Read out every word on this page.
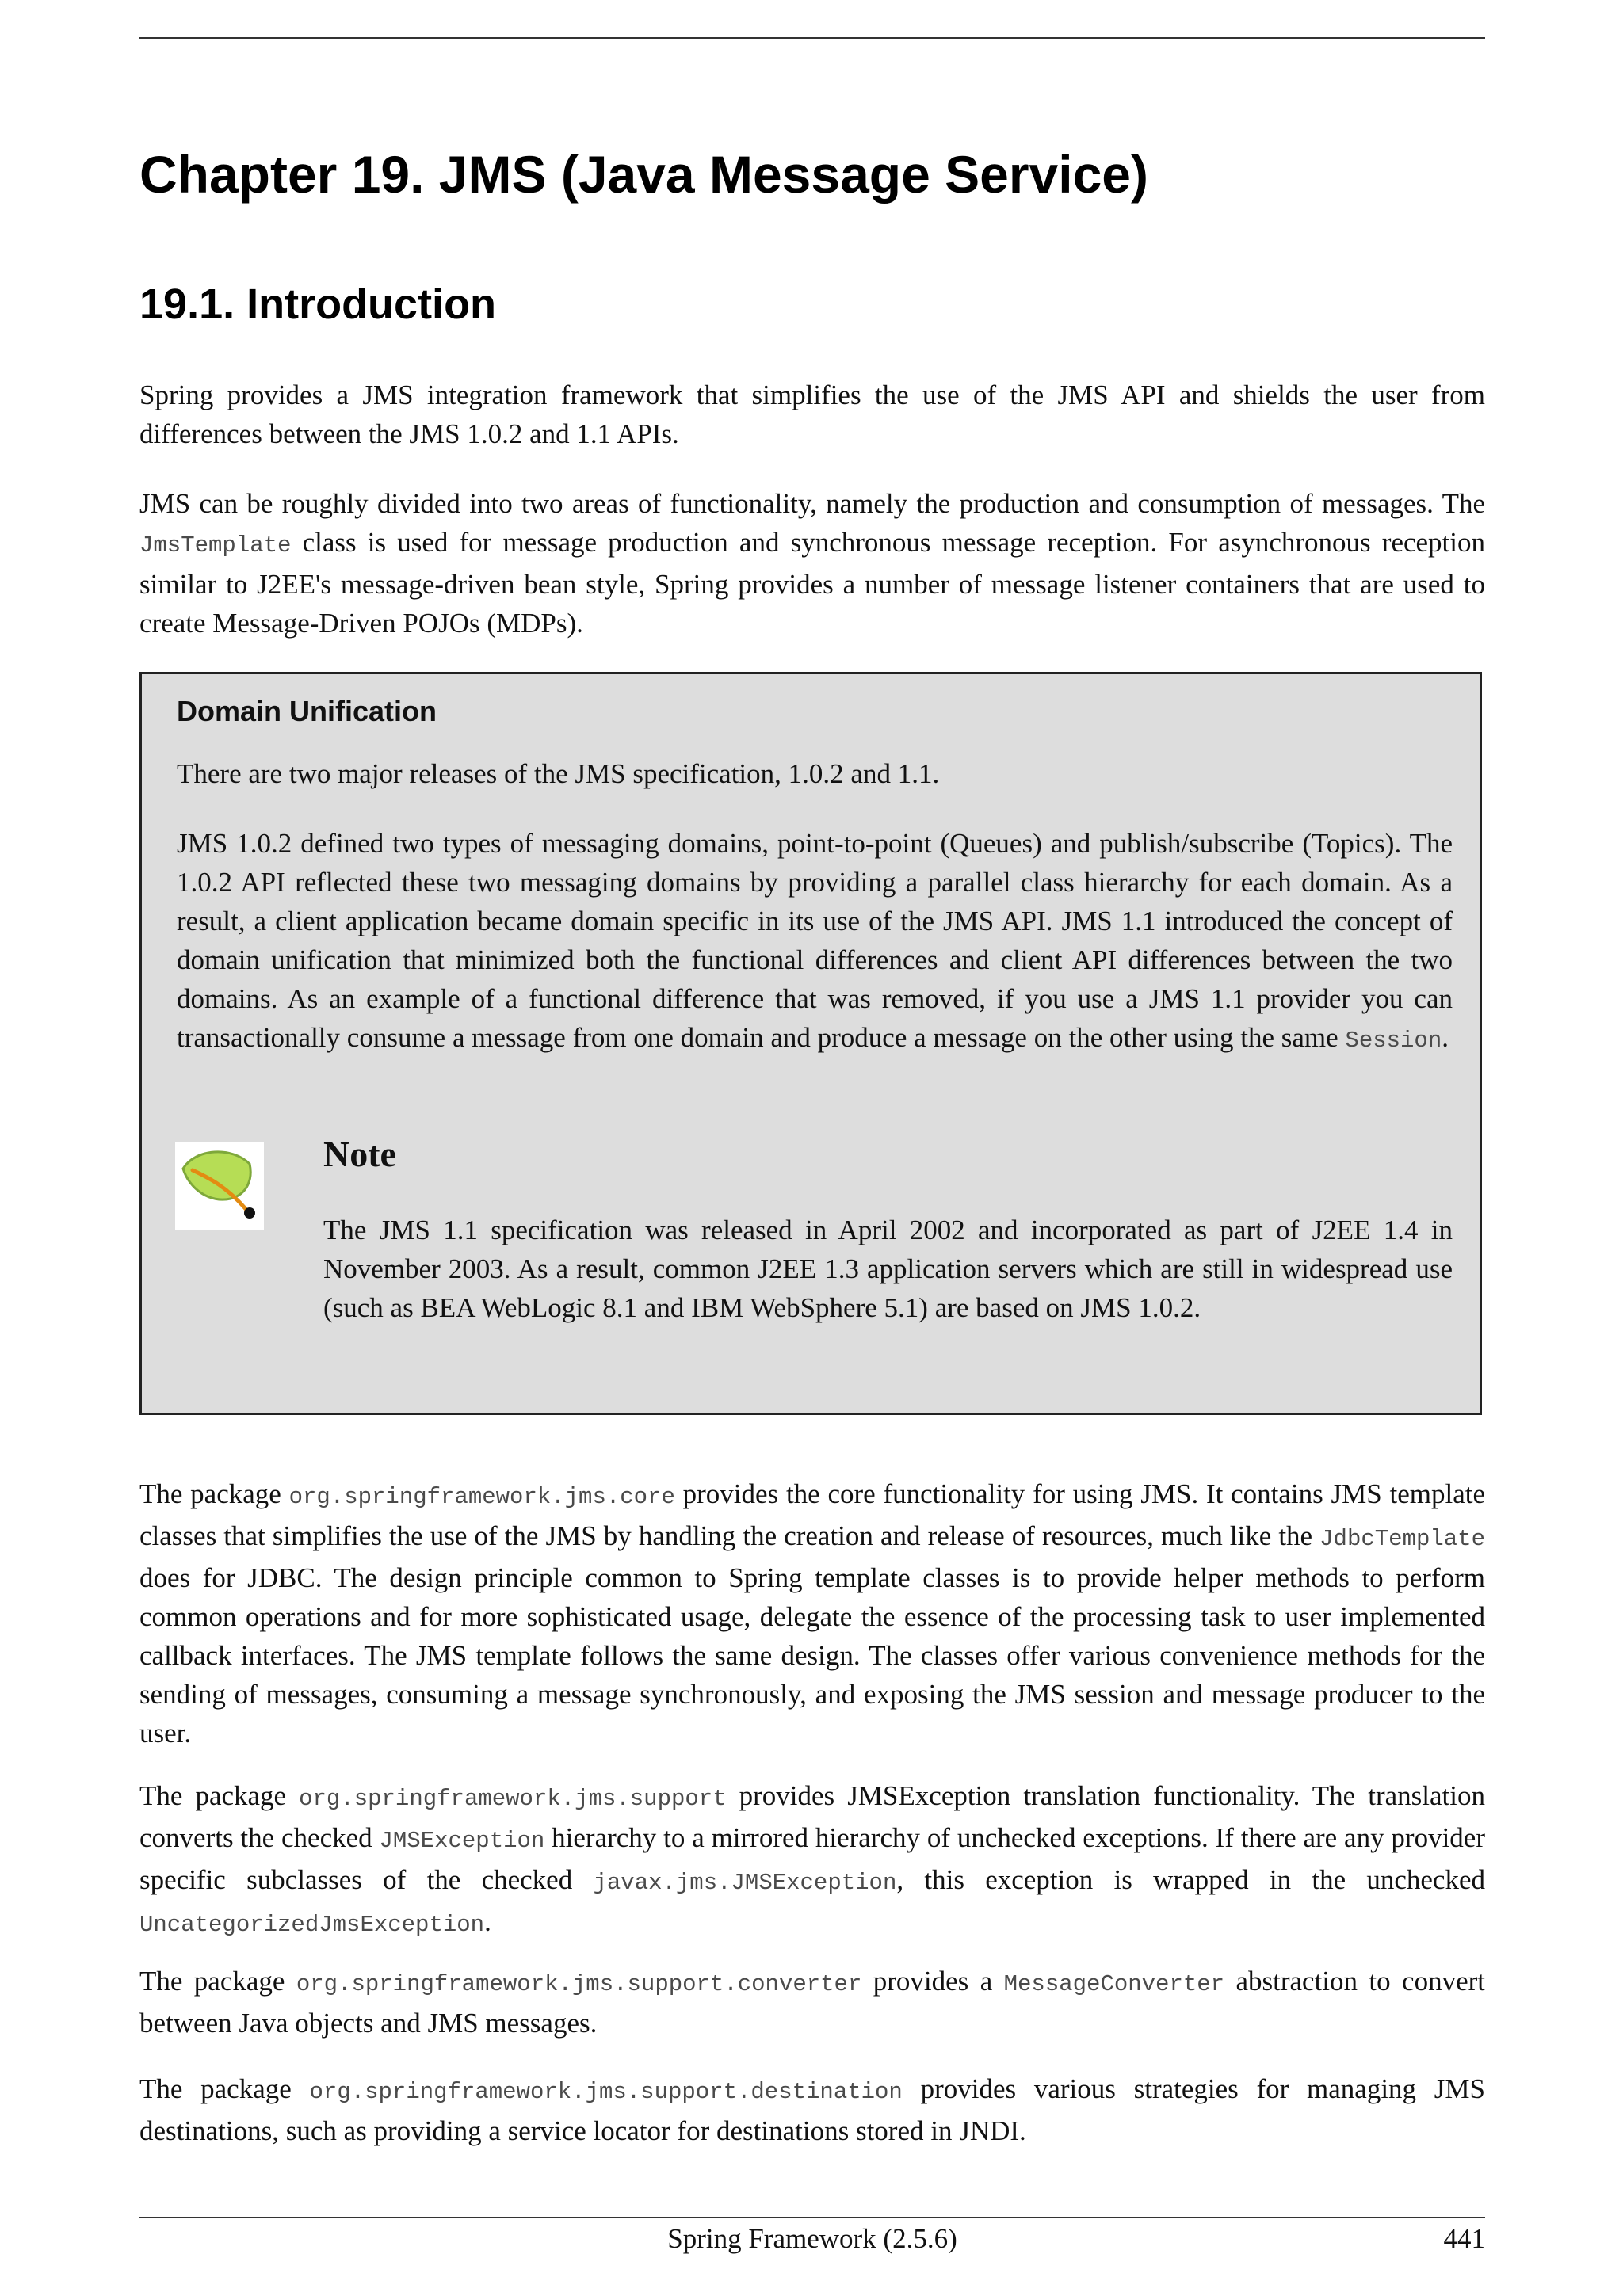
Chapter 19. JMS (Java Message Service)
19.1. Introduction

Spring provides a JMS integration framework that simplifies the use of the JMS API and shields the user from differences between the JMS 1.0.2 and 1.1 APIs.

JMS can be roughly divided into two areas of functionality, namely the production and consumption of messages. The JmsTemplate class is used for message production and synchronous message reception. For asynchronous reception similar to J2EE's message-driven bean style, Spring provides a number of message listener containers that are used to create Message-Driven POJOs (MDPs).

Domain Unification

There are two major releases of the JMS specification, 1.0.2 and 1.1.

JMS 1.0.2 defined two types of messaging domains, point-to-point (Queues) and publish/subscribe (Topics). The 1.0.2 API reflected these two messaging domains by providing a parallel class hierarchy for each domain. As a result, a client application became domain specific in its use of the JMS API. JMS 1.1 introduced the concept of domain unification that minimized both the functional differences and client API differences between the two domains. As an example of a functional difference that was removed, if you use a JMS 1.1 provider you can transactionally consume a message from one domain and produce a message on the other using the same Session.

Note

The JMS 1.1 specification was released in April 2002 and incorporated as part of J2EE 1.4 in November 2003. As a result, common J2EE 1.3 application servers which are still in widespread use (such as BEA WebLogic 8.1 and IBM WebSphere 5.1) are based on JMS 1.0.2.

The package org.springframework.jms.core provides the core functionality for using JMS. It contains JMS template classes that simplifies the use of the JMS by handling the creation and release of resources, much like the JdbcTemplate does for JDBC. The design principle common to Spring template classes is to provide helper methods to perform common operations and for more sophisticated usage, delegate the essence of the processing task to user implemented callback interfaces. The JMS template follows the same design. The classes offer various convenience methods for the sending of messages, consuming a message synchronously, and exposing the JMS session and message producer to the user.

The package org.springframework.jms.support provides JMSException translation functionality. The translation converts the checked JMSException hierarchy to a mirrored hierarchy of unchecked exceptions. If there are any provider specific subclasses of the checked javax.jms.JMSException, this exception is wrapped in the unchecked UncategorizedJmsException.

The package org.springframework.jms.support.converter provides a MessageConverter abstraction to convert between Java objects and JMS messages.

The package org.springframework.jms.support.destination provides various strategies for managing JMS destinations, such as providing a service locator for destinations stored in JNDI.

Spring Framework (2.5.6)	441
